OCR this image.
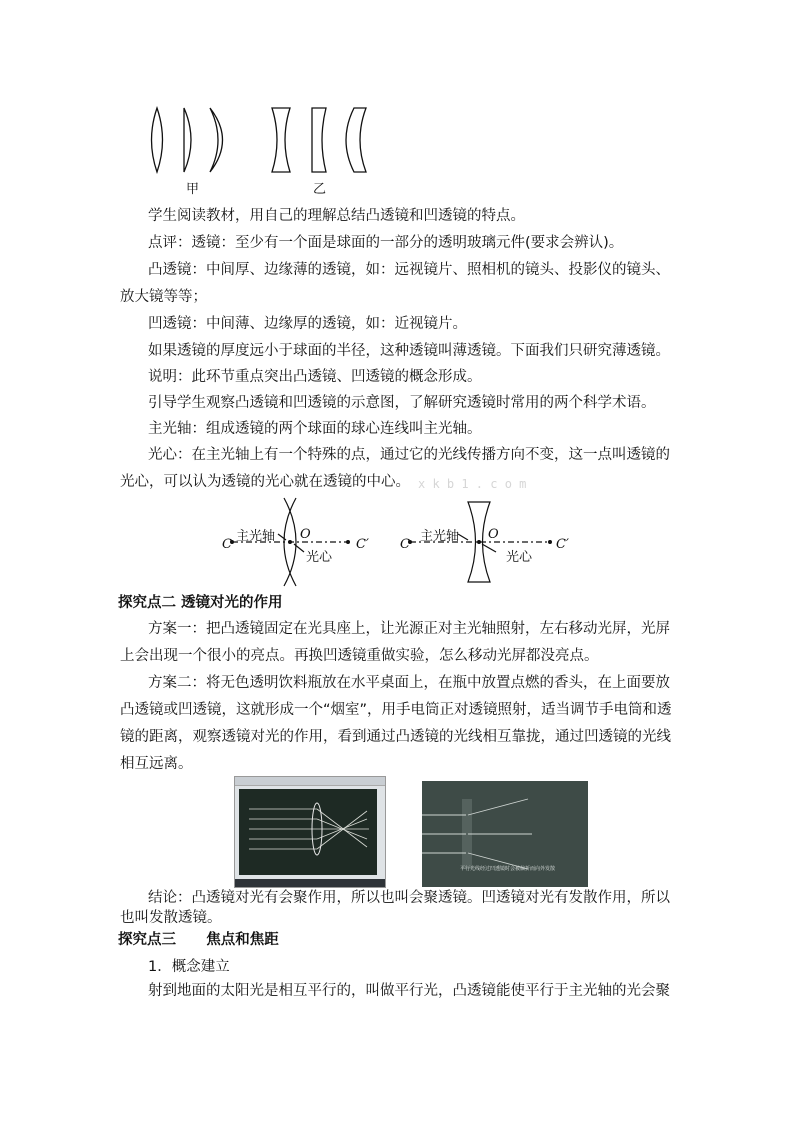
甲	乙

学生阅读教材，用自己的理解总结凸透镜和凹透镜的特点。

点评：透镜：至少有一个面是球面的一部分的透明玻璃元件(要求会辨认)。

凸透镜：中间厚、边缘薄的透镜，如：远视镜片、照相机的镜头、投影仪的镜头、放大镜等等；

凹透镜：中间薄、边缘厚的透镜，如：近视镜片。

如果透镜的厚度远小于球面的半径，这种透镜叫薄透镜。下面我们只研究薄透镜。

说明：此环节重点突出凸透镜、凹透镜的概念形成。

引导学生观察凸透镜和凹透镜的示意图，了解研究透镜时常用的两个科学术语。

主光轴：组成透镜的两个球面的球心连线叫主光轴。

光心：在主光轴上有一个特殊的点，通过它的光线传播方向不变，这一点叫透镜的光心，可以认为透镜的光心就在透镜的中心。 x k b 1 . c o m
主光轴
C
O
光心
C′
主光轴
C
O
光心
C′

探究点二 透镜对光的作用

方案一：把凸透镜固定在光具座上，让光源正对主光轴照射，左右移动光屏，光屏上会出现一个很小的亮点。再换凹透镜重做实验，怎么移动光屏都没亮点。

方案二：将无色透明饮料瓶放在水平桌面上，在瓶中放置点燃的香头，在上面要放凸透镜或凹透镜，这就形成一个“烟室”，用手电筒正对透镜照射，适当调节手电筒和透镜的距离，观察透镜对光的作用，看到通过凸透镜的光线相互靠拢，通过凹透镜的光线相互远离。

平行光线经过凹透镜时会被偏折而向外发散

结论：凸透镜对光有会聚作用，所以也叫会聚透镜。凹透镜对光有发散作用，所以也叫发散透镜。

探究点三      焦点和焦距

1．概念建立

射到地面的太阳光是相互平行的，叫做平行光，凸透镜能使平行于主光轴的光会聚
